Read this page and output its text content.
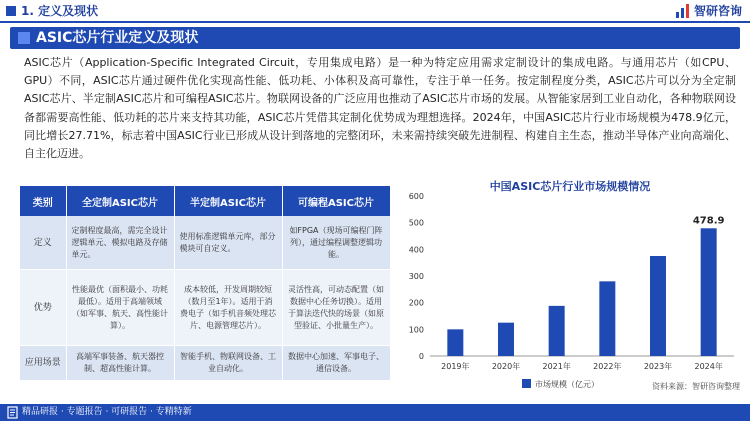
1. 定义及现状	智研咨询
ASIC芯片行业定义及现状
ASIC芯片（Application-Specific Integrated Circuit，专用集成电路）是一种为特定应用需求定制设计的集成电路。与通用芯片（如CPU、GPU）不同，ASIC芯片通过硬件优化实现高性能、低功耗、小体积及高可靠性，专注于单一任务。按定制程度分类，ASIC芯片可以分为全定制ASIC芯片、半定制ASIC芯片和可编程ASIC芯片。物联网设备的广泛应用也推动了ASIC芯片市场的发展。从智能家居到工业自动化，各种物联网设备都需要高性能、低功耗的芯片来支持其功能，ASIC芯片凭借其定制化优势成为理想选择。2024年，中国ASIC芯片行业市场规模为478.9亿元，同比增长27.71%，标志着中国ASIC行业已形成从设计到落地的完整闭环，未来需持续突破先进制程、构建自主生态，推动半导体产业向高端化、自主化迈进。
类别	全定制ASIC芯片	半定制ASIC芯片	可编程ASIC芯片
定义	定制程度最高，需完全设计逻辑单元、模拟电路及存储单元。	使用标准逻辑单元库，部分模块可自定义。	如FPGA（现场可编程门阵列），通过编程调整逻辑功能。
优势	性能最优（面积最小、功耗最低）。适用于高端领域（如军事、航天、高性能计算）。	成本较低，开发周期较短（数月至1年）。适用于消费电子（如手机音频处理芯片、电源管理芯片）。	灵活性高，可动态配置（如数据中心任务切换）。适用于算法迭代快的场景（如原型验证、小批量生产）。
应用场景	高端军事装备、航天器控制、超高性能计算。	智能手机、物联网设备、工业自动化。	数据中心加速、军事电子、通信设备。
中国ASIC芯片行业市场规模情况
0
100
200
300
400
500
600
2019年	2020年	2021年	2022年	2023年	2024年
478.9
市场规模（亿元）	资料来源：智研咨询整理
精品研报 · 专题报告 · 可研报告 · 专精特新
